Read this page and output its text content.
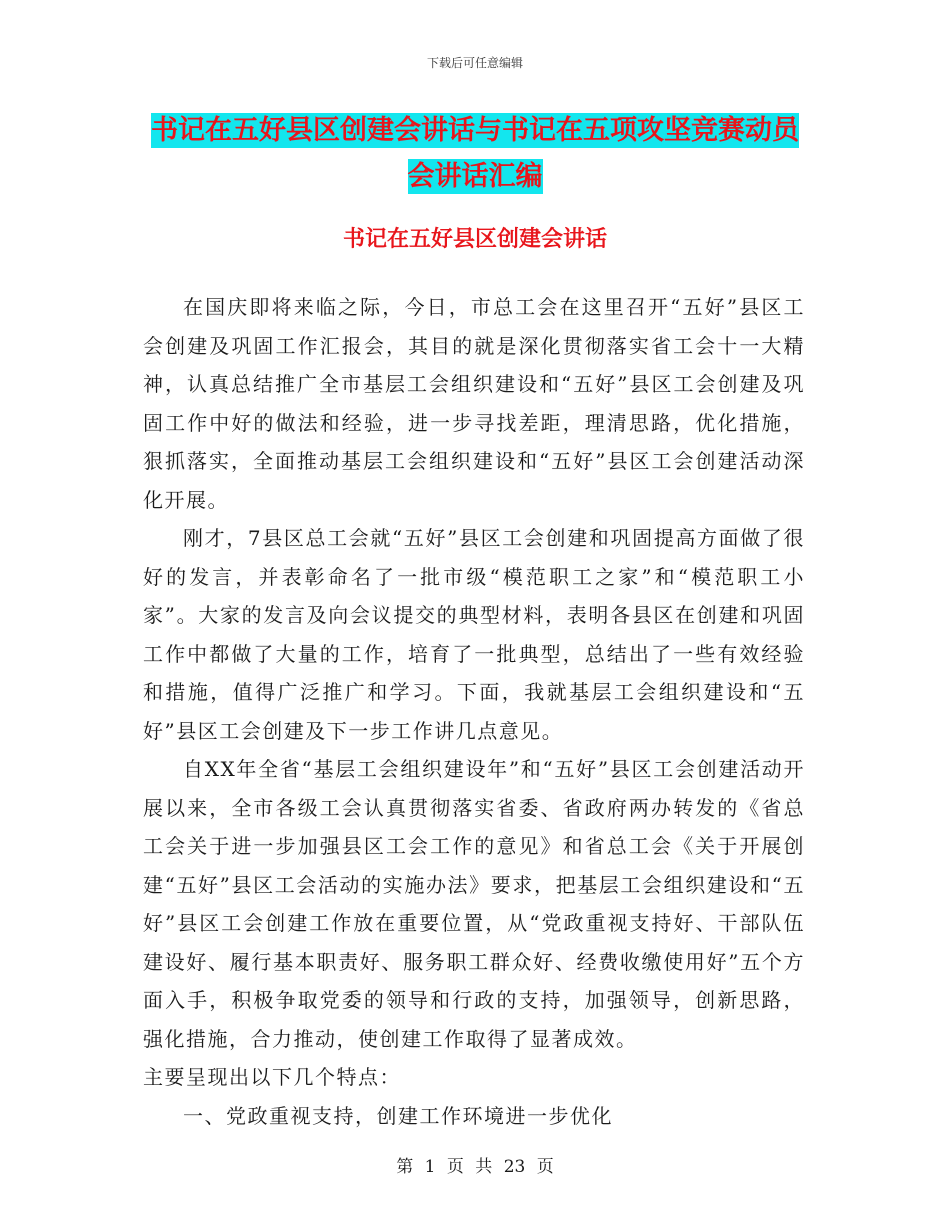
下载后可任意编辑
书记在五好县区创建会讲话与书记在五项攻坚竞赛动员会讲话汇编
书记在五好县区创建会讲话

在国庆即将来临之际，今日，市总工会在这里召开“五好”县区工会创建及巩固工作汇报会，其目的就是深化贯彻落实省工会十一大精神，认真总结推广全市基层工会组织建设和“五好”县区工会创建及巩固工作中好的做法和经验，进一步寻找差距，理清思路，优化措施，狠抓落实，全面推动基层工会组织建设和“五好”县区工会创建活动深化开展。

刚才，7县区总工会就“五好”县区工会创建和巩固提高方面做了很好的发言，并表彰命名了一批市级“模范职工之家”和“模范职工小家”。大家的发言及向会议提交的典型材料，表明各县区在创建和巩固工作中都做了大量的工作，培育了一批典型，总结出了一些有效经验和措施，值得广泛推广和学习。下面，我就基层工会组织建设和“五好”县区工会创建及下一步工作讲几点意见。

自XX年全省“基层工会组织建设年”和“五好”县区工会创建活动开展以来，全市各级工会认真贯彻落实省委、省政府两办转发的《省总工会关于进一步加强县区工会工作的意见》和省总工会《关于开展创建“五好”县区工会活动的实施办法》要求，把基层工会组织建设和“五好”县区工会创建工作放在重要位置，从“党政重视支持好、干部队伍建设好、履行基本职责好、服务职工群众好、经费收缴使用好”五个方面入手，积极争取党委的领导和行政的支持，加强领导，创新思路，强化措施，合力推动，使创建工作取得了显著成效。

主要呈现出以下几个特点：

一、党政重视支持，创建工作环境进一步优化

第 1 页 共 23 页
